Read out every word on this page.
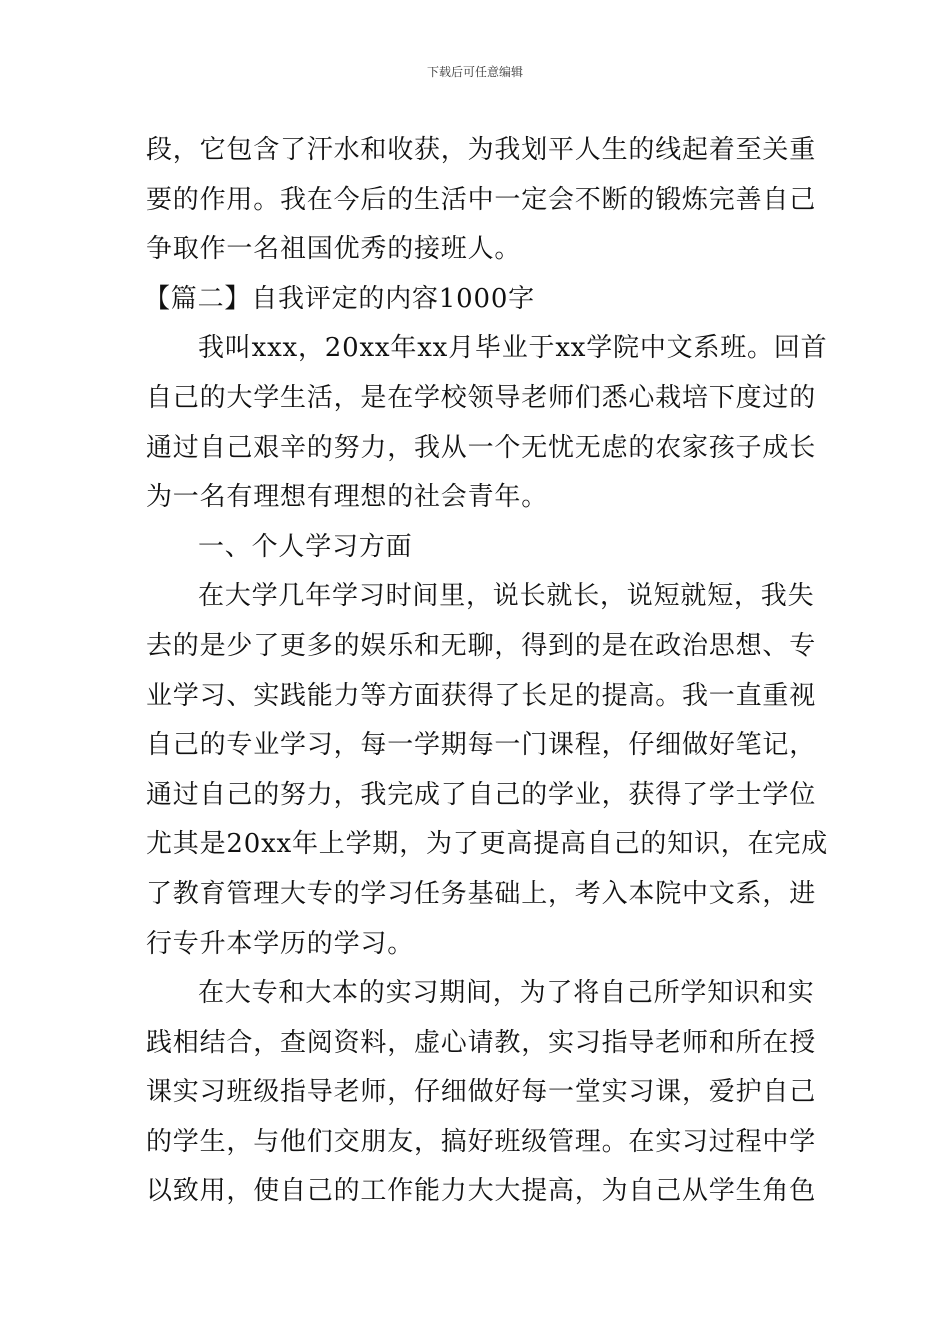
下载后可任意编辑
段，它包含了汗水和收获，为我划平人生的线起着至关重
要的作用。我在今后的生活中一定会不断的锻炼完善自己
争取作一名祖国优秀的接班人。
【篇二】自我评定的内容1000字
我叫xxx，20xx年xx月毕业于xx学院中文系班。回首
自己的大学生活，是在学校领导老师们悉心栽培下度过的
通过自己艰辛的努力，我从一个无忧无虑的农家孩子成长
为一名有理想有理想的社会青年。
一、个人学习方面
在大学几年学习时间里，说长就长，说短就短，我失
去的是少了更多的娱乐和无聊，得到的是在政治思想、专
业学习、实践能力等方面获得了长足的提高。我一直重视
自己的专业学习，每一学期每一门课程，仔细做好笔记，
通过自己的努力，我完成了自己的学业，获得了学士学位
尤其是20xx年上学期，为了更高提高自己的知识，在完成
了教育管理大专的学习任务基础上，考入本院中文系，进
行专升本学历的学习。
在大专和大本的实习期间，为了将自己所学知识和实
践相结合，查阅资料，虚心请教，实习指导老师和所在授
课实习班级指导老师，仔细做好每一堂实习课，爱护自己
的学生，与他们交朋友，搞好班级管理。在实习过程中学
以致用，使自己的工作能力大大提高，为自己从学生角色
